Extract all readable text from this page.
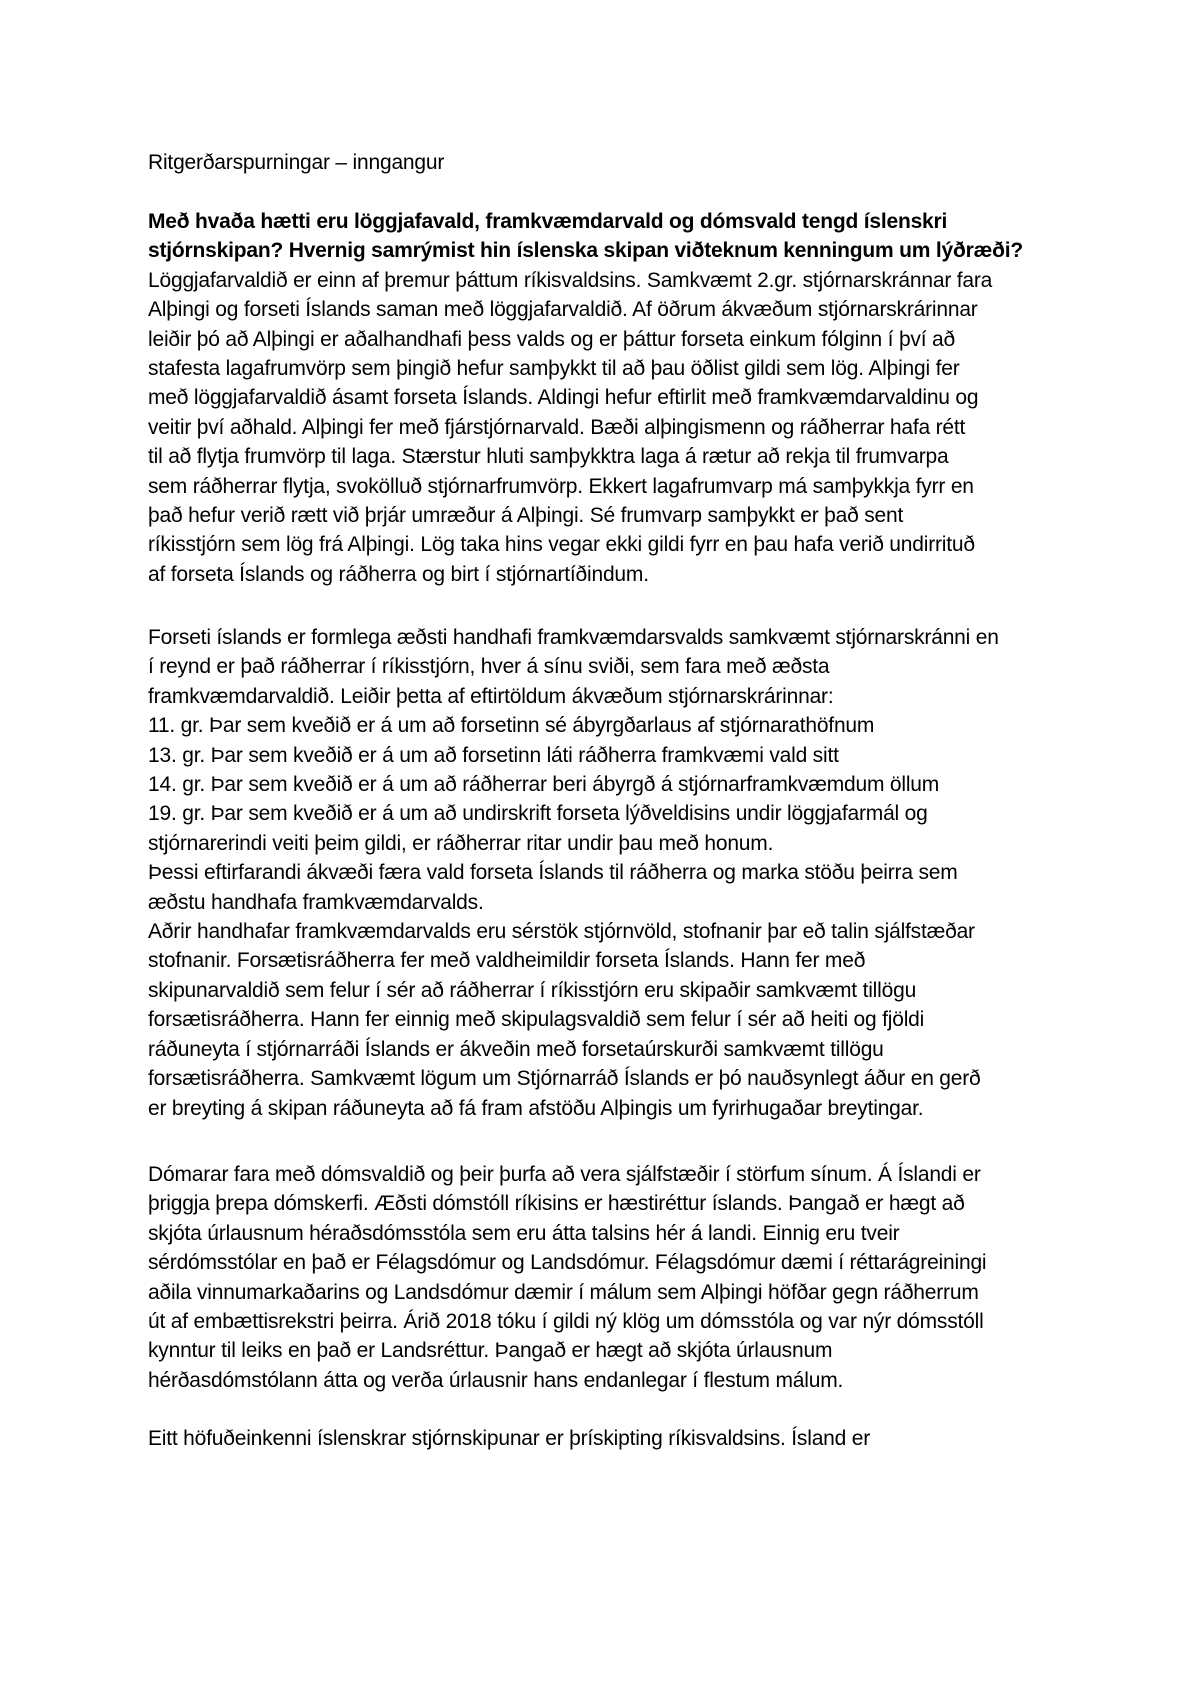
Ritgerðarspurningar – inngangur
Með hvaða hætti eru löggjafavald, framkvæmdarvald og dómsvald tengd íslenskri
stjórnskipan? Hvernig samrýmist hin íslenska skipan viðteknum kenningum um lýðræði?
Löggjafarvaldið er einn af þremur þáttum ríkisvaldsins. Samkvæmt 2.gr. stjórnarskránnar fara
Alþingi og forseti Íslands saman með löggjafarvaldið. Af öðrum ákvæðum stjórnarskrárinnar
leiðir þó að Alþingi er aðalhandhafi þess valds og er þáttur forseta einkum fólginn í því að
stafesta lagafrumvörp sem þingið hefur samþykkt til að þau öðlist gildi sem lög. Alþingi fer
með löggjafarvaldið ásamt forseta Íslands. Aldingi hefur eftirlit með framkvæmdarvaldinu og
veitir því aðhald. Alþingi fer með fjárstjórnarvald. Bæði alþingismenn og ráðherrar hafa rétt
til að flytja frumvörp til laga. Stærstur hluti samþykktra laga á rætur að rekja til frumvarpa
sem ráðherrar flytja, svokölluð stjórnarfrumvörp. Ekkert lagafrumvarp má samþykkja fyrr en
það hefur verið rætt við þrjár umræður á Alþingi. Sé frumvarp samþykkt er það sent
ríkisstjórn sem lög frá Alþingi. Lög taka hins vegar ekki gildi fyrr en þau hafa verið undirrituð
af forseta Íslands og ráðherra og birt í stjórnartíðindum.
Forseti íslands er formlega æðsti handhafi framkvæmdarsvalds samkvæmt stjórnarskránni en
í reynd er það ráðherrar í ríkisstjórn, hver á sínu sviði, sem fara með æðsta
framkvæmdarvaldið. Leiðir þetta af eftirtöldum ákvæðum stjórnarskrárinnar:
11. gr. Þar sem kveðið er á um að forsetinn sé ábyrgðarlaus af stjórnarathöfnum
13. gr. Þar sem kveðið er á um að forsetinn láti ráðherra framkvæmi vald sitt
14. gr. Þar sem kveðið er á um að ráðherrar beri ábyrgð á stjórnarframkvæmdum öllum
19. gr. Þar sem kveðið er á um að undirskrift forseta lýðveldisins undir löggjafarmál og
stjórnarerindi veiti þeim gildi, er ráðherrar ritar undir þau með honum.
Þessi eftirfarandi ákvæði færa vald forseta Íslands til ráðherra og marka stöðu þeirra sem
æðstu handhafa framkvæmdarvalds.
Aðrir handhafar framkvæmdarvalds eru sérstök stjórnvöld, stofnanir þar eð talin sjálfstæðar
stofnanir. Forsætisráðherra fer með valdheimildir forseta Íslands. Hann fer með
skipunarvaldið sem felur í sér að ráðherrar í ríkisstjórn eru skipaðir samkvæmt tillögu
forsætisráðherra. Hann fer einnig með skipulagsvaldið sem felur í sér að heiti og fjöldi
ráðuneyta í stjórnarráði Íslands er ákveðin með forsetaúrskurði samkvæmt tillögu
forsætisráðherra. Samkvæmt lögum um Stjórnarráð Íslands er þó nauðsynlegt áður en gerð
er breyting á skipan ráðuneyta að fá fram afstöðu Alþingis um fyrirhugaðar breytingar.
Dómarar fara með dómsvaldið og þeir þurfa að vera sjálfstæðir í störfum sínum. Á Íslandi er
þriggja þrepa dómskerfi. Æðsti dómstóll ríkisins er hæstiréttur íslands. Þangað er hægt að
skjóta úrlausnum héraðsdómsstóla sem eru átta talsins hér á landi. Einnig eru tveir
sérdómsstólar en það er Félagsdómur og Landsdómur. Félagsdómur dæmi í réttarágreiningi
aðila vinnumarkaðarins og Landsdómur dæmir í málum sem Alþingi höfðar gegn ráðherrum
út af embættisrekstri þeirra. Árið 2018 tóku í gildi ný klög um dómsstóla og var nýr dómsstóll
kynntur til leiks en það er Landsréttur. Þangað er hægt að skjóta úrlausnum
hérðasdómstólann átta og verða úrlausnir hans endanlegar í flestum málum.
Eitt höfuðeinkenni íslenskrar stjórnskipunar er þrískipting ríkisvaldsins. Ísland er
